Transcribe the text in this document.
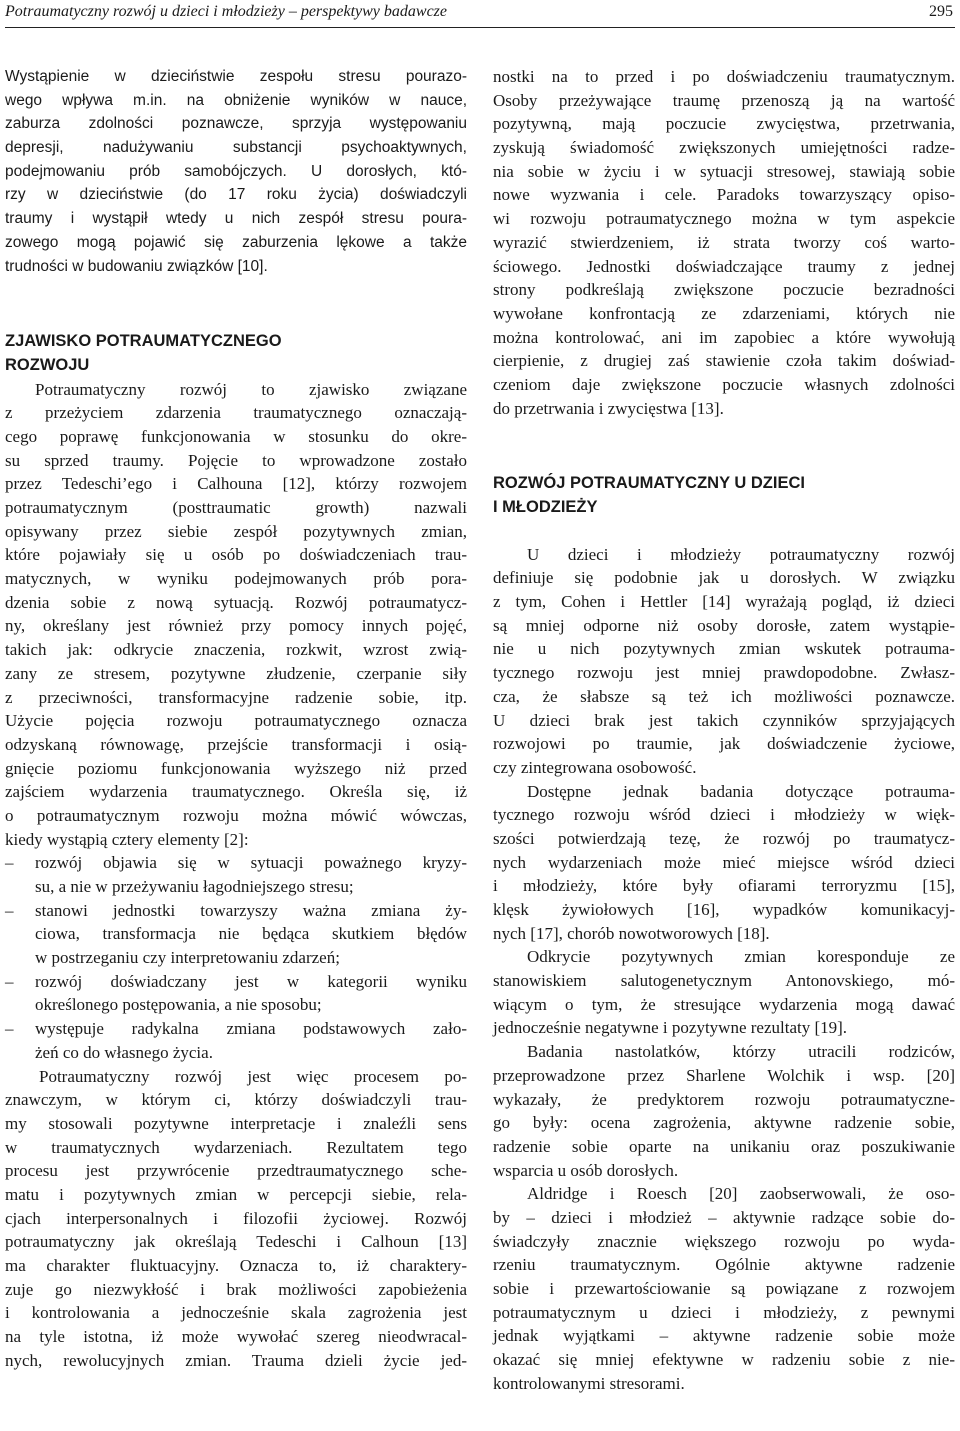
Potraumatyczny rozwój u dzieci i młodzieży – perspektywy badawcze	295
Wystąpienie w dzieciństwie zespołu stresu pourazo-
wego wpływa m.in. na obniżenie wyników w nauce,
zaburza zdolności poznawcze, sprzyja występowaniu
depresji, nadużywaniu substancji psychoaktywnych,
podejmowaniu prób samobójczych. U dorosłych, któ-
rzy w dzieciństwie (do 17 roku życia) doświadczyli
traumy i wystąpił wtedy u nich zespół stresu poura-
zowego mogą pojawić się zaburzenia lękowe a także
trudności w budowaniu związków [10].
ZJAWISKO POTRAUMATYCZNEGO
ROZWOJU
Potraumatyczny rozwój to zjawisko związane
z przeżyciem zdarzenia traumatycznego oznaczają-
cego poprawę funkcjonowania w stosunku do okre-
su sprzed traumy. Pojęcie to wprowadzone zostało
przez Tedeschi’ego i Calhouna [12], którzy rozwojem
potraumatycznym (posttraumatic growth) nazwali
opisywany przez siebie zespół pozytywnych zmian,
które pojawiały się u osób po doświadczeniach trau-
matycznych, w wyniku podejmowanych prób pora-
dzenia sobie z nową sytuacją. Rozwój potraumatycz-
ny, określany jest również przy pomocy innych pojęć,
takich jak: odkrycie znaczenia, rozkwit, wzrost zwią-
zany ze stresem, pozytywne złudzenie, czerpanie siły
z przeciwności, transformacyjne radzenie sobie, itp.
Użycie pojęcia rozwoju potraumatycznego oznacza
odzyskaną równowagę, przejście transformacji i osią-
gnięcie poziomu funkcjonowania wyższego niż przed
zajściem wydarzenia traumatycznego. Określa się, iż
o potraumatycznym rozwoju można mówić wówczas,
kiedy wystąpią cztery elementy [2]:
– rozwój objawia się w sytuacji poważnego kryzy-
su, a nie w przeżywaniu łagodniejszego stresu;
– stanowi jednostki towarzyszy ważna zmiana ży-
ciowa, transformacja nie będąca skutkiem błędów
w postrzeganiu czy interpretowaniu zdarzeń;
– rozwój doświadczany jest w kategorii wyniku
określonego postępowania, a nie sposobu;
– występuje radykalna zmiana podstawowych zało-
żeń co do własnego życia.
Potraumatyczny rozwój jest więc procesem po-
znawczym, w którym ci, którzy doświadczyli trau-
my stosowali pozytywne interpretacje i znaleźli sens
w traumatycznych wydarzeniach. Rezultatem tego
procesu jest przywrócenie przedtraumatycznego sche-
matu i pozytywnych zmian w percepcji siebie, rela-
cjach interpersonalnych i filozofii życiowej. Rozwój
potraumatyczny jak określają Tedeschi i Calhoun [13]
ma charakter fluktuacyjny. Oznacza to, iż charaktery-
zuje go niezwykłość i brak możliwości zapobieżenia
i kontrolowania a jednocześnie skala zagrożenia jest
na tyle istotna, iż może wywołać szereg nieodwracal-
nych, rewolucyjnych zmian. Trauma dzieli życie jed-
nostki na to przed i po doświadczeniu traumatycznym.
Osoby przeżywające traumę przenoszą ją na wartość
pozytywną, mają poczucie zwycięstwa, przetrwania,
zyskują świadomość zwiększonych umiejętności radze-
nia sobie w życiu i w sytuacji stresowej, stawiają sobie
nowe wyzwania i cele. Paradoks towarzyszący opiso-
wi rozwoju potraumatycznego można w tym aspekcie
wyrazić stwierdzeniem, iż strata tworzy coś warto-
ściowego. Jednostki doświadczające traumy z jednej
strony podkreślają zwiększone poczucie bezradności
wywołane konfrontacją ze zdarzeniami, których nie
można kontrolować, ani im zapobiec a które wywołują
cierpienie, z drugiej zaś stawienie czoła takim doświad-
czeniom daje zwiększone poczucie własnych zdolności
do przetrwania i zwycięstwa [13].
ROZWÓJ POTRAUMATYCZNY U DZIECI
I MŁODZIEŻY
U dzieci i młodzieży potraumatyczny rozwój
definiuje się podobnie jak u dorosłych. W związku
z tym, Cohen i Hettler [14] wyrażają pogląd, iż dzieci
są mniej odporne niż osoby dorosłe, zatem wystąpie-
nie u nich pozytywnych zmian wskutek potrauma-
tycznego rozwoju jest mniej prawdopodobne. Zwłasz-
cza, że słabsze są też ich możliwości poznawcze.
U dzieci brak jest takich czynników sprzyjających
rozwojowi po traumie, jak doświadczenie życiowe,
czy zintegrowana osobowość.
Dostępne jednak badania dotyczące potrauma-
tycznego rozwoju wśród dzieci i młodzieży w więk-
szości potwierdzają tezę, że rozwój po traumatycz-
nych wydarzeniach może mieć miejsce wśród dzieci
i młodzieży, które były ofiarami terroryzmu [15],
klęsk żywiołowych [16], wypadków komunikacyj-
nych [17], chorób nowotworowych [18].
Odkrycie pozytywnych zmian koresponduje ze
stanowiskiem salutogenetycznym Antonovskiego, mó-
wiącym o tym, że stresujące wydarzenia mogą dawać
jednocześnie negatywne i pozytywne rezultaty [19].
Badania nastolatków, którzy utracili rodziców,
przeprowadzone przez Sharlene Wolchik i wsp. [20]
wykazały, że predyktorem rozwoju potraumatyczne-
go były: ocena zagrożenia, aktywne radzenie sobie,
radzenie sobie oparte na unikaniu oraz poszukiwanie
wsparcia u osób dorosłych.
Aldridge i Roesch [20] zaobserwowali, że oso-
by – dzieci i młodzież – aktywnie radzące sobie do-
świadczyły znacznie większego rozwoju po wyda-
rzeniu traumatycznym. Ogólnie aktywne radzenie
sobie i przewartościowanie są powiązane z rozwojem
potraumatycznym u dzieci i młodzieży, z pewnymi
jednak wyjątkami – aktywne radzenie sobie może
okazać się mniej efektywne w radzeniu sobie z nie-
kontrolowanymi stresorami.
